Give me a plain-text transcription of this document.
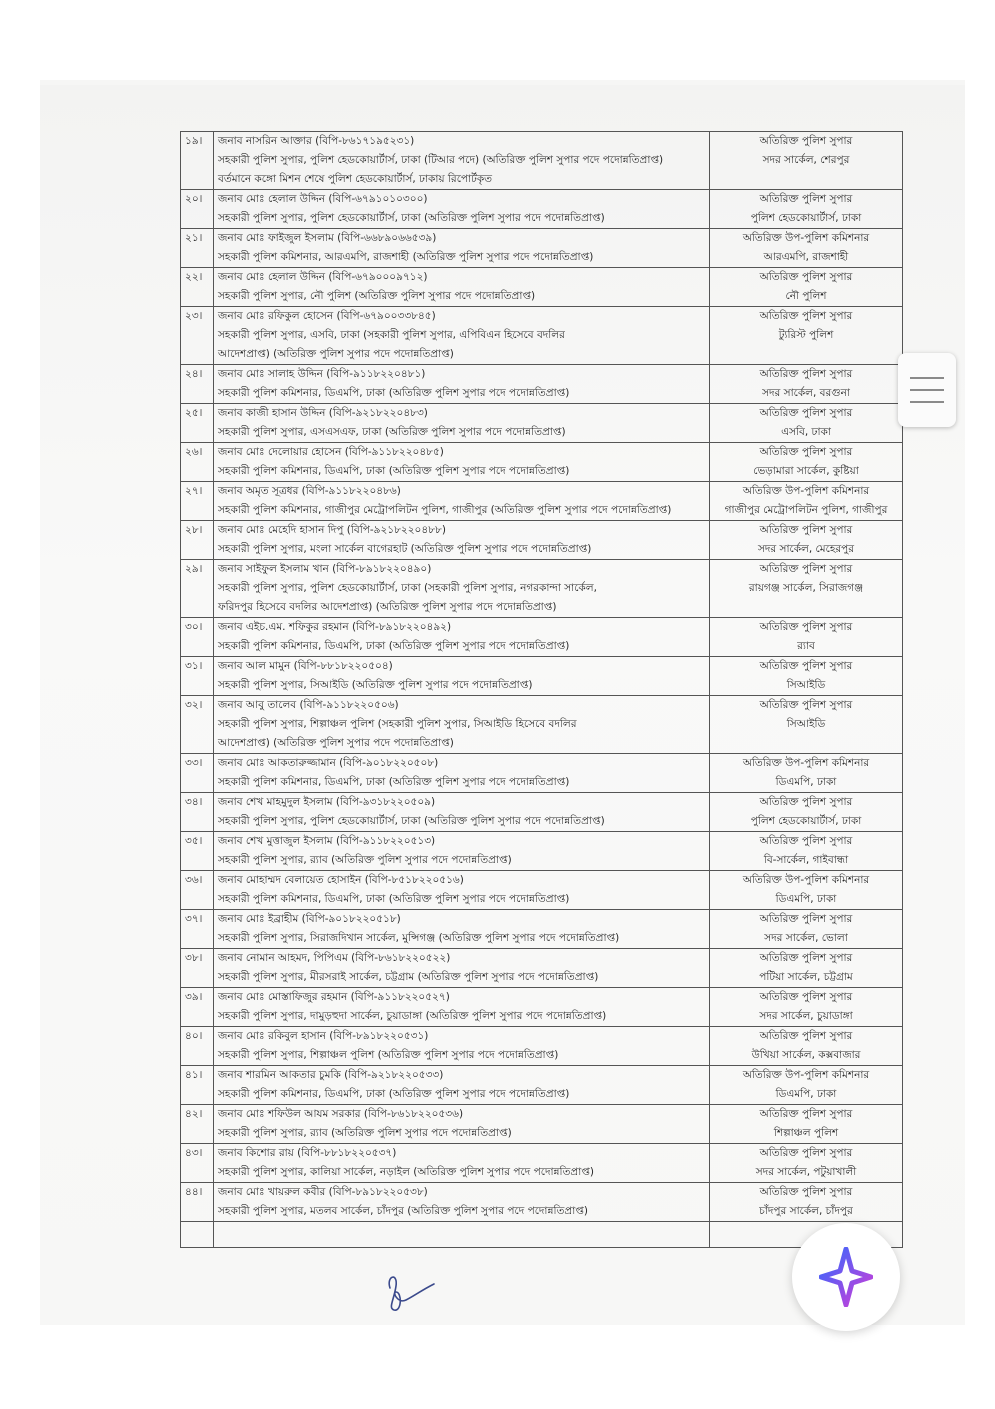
১৯।	জনাব নাসরিন আক্তার (বিপি-৮৬১৭১৯৫২৩১)
সহকারী পুলিশ সুপার, পুলিশ হেডকোয়ার্টার্স, ঢাকা (টিআর পদে) (অতিরিক্ত পুলিশ সুপার পদে পদোন্নতিপ্রাপ্ত)
বর্তমানে কঙ্গো মিশন শেষে পুলিশ হেডকোয়ার্টার্স, ঢাকায় রিপোর্টকৃত	অতিরিক্ত পুলিশ সুপার
সদর সার্কেল, শেরপুর

২০।	জনাব মোঃ হেলাল উদ্দিন (বিপি-৬৭৯১০১০৩০০)
সহকারী পুলিশ সুপার, পুলিশ হেডকোয়ার্টার্স, ঢাকা (অতিরিক্ত পুলিশ সুপার পদে পদোন্নতিপ্রাপ্ত)	অতিরিক্ত পুলিশ সুপার
পুলিশ হেডকোয়ার্টার্স, ঢাকা

২১।	জনাব মোঃ ফাইজুল ইসলাম (বিপি-৬৬৮৯০৬৬৫৩৯)
সহকারী পুলিশ কমিশনার, আরএমপি, রাজশাহী (অতিরিক্ত পুলিশ সুপার পদে পদোন্নতিপ্রাপ্ত)	অতিরিক্ত উপ-পুলিশ কমিশনার
আরএমপি, রাজশাহী

২২।	জনাব মোঃ হেলাল উদ্দিন (বিপি-৬৭৯০০০৯৭১২)
সহকারী পুলিশ সুপার, নৌ পুলিশ (অতিরিক্ত পুলিশ সুপার পদে পদোন্নতিপ্রাপ্ত)	অতিরিক্ত পুলিশ সুপার
নৌ পুলিশ

২৩।	জনাব মোঃ রফিকুল হোসেন (বিপি-৬৭৯০০৩৩৮৪৫)
সহকারী পুলিশ সুপার, এসবি, ঢাকা (সহকারী পুলিশ সুপার, এপিবিএন হিসেবে বদলির
আদেশপ্রাপ্ত) (অতিরিক্ত পুলিশ সুপার পদে পদোন্নতিপ্রাপ্ত)	অতিরিক্ত পুলিশ সুপার
ট্যুরিস্ট পুলিশ

২৪।	জনাব মোঃ সালাহ উদ্দিন (বিপি-৯১১৮২২০৪৮১)
সহকারী পুলিশ কমিশনার, ডিএমপি, ঢাকা (অতিরিক্ত পুলিশ সুপার পদে পদোন্নতিপ্রাপ্ত)	অতিরিক্ত পুলিশ সুপার
সদর সার্কেল, বরগুনা

২৫।	জনাব কাজী হাসান উদ্দিন (বিপি-৯২১৮২২০৪৮৩)
সহকারী পুলিশ সুপার, এসএসএফ, ঢাকা (অতিরিক্ত পুলিশ সুপার পদে পদোন্নতিপ্রাপ্ত)	অতিরিক্ত পুলিশ সুপার
এসবি, ঢাকা

২৬।	জনাব মোঃ দেলোয়ার হোসেন (বিপি-৯১১৮২২০৪৮৫)
সহকারী পুলিশ কমিশনার, ডিএমপি, ঢাকা (অতিরিক্ত পুলিশ সুপার পদে পদোন্নতিপ্রাপ্ত)	অতিরিক্ত পুলিশ সুপার
ভেড়ামারা সার্কেল, কুষ্টিয়া

২৭।	জনাব অমৃত সূত্রধর (বিপি-৯১১৮২২০৪৮৬)
সহকারী পুলিশ কমিশনার, গাজীপুর মেট্রোপলিটন পুলিশ, গাজীপুর (অতিরিক্ত পুলিশ সুপার পদে পদোন্নতিপ্রাপ্ত)	অতিরিক্ত উপ-পুলিশ কমিশনার
গাজীপুর মেট্রোপলিটন পুলিশ, গাজীপুর

২৮।	জনাব মোঃ মেহেদি হাসান দিপু (বিপি-৯২১৮২২০৪৮৮)
সহকারী পুলিশ সুপার, মংলা সার্কেল বাগেরহাট (অতিরিক্ত পুলিশ সুপার পদে পদোন্নতিপ্রাপ্ত)	অতিরিক্ত পুলিশ সুপার
সদর সার্কেল, মেহেরপুর

২৯।	জনাব সাইফুল ইসলাম খান (বিপি-৮৯১৮২২০৪৯০)
সহকারী পুলিশ সুপার, পুলিশ হেডকোয়ার্টার্স, ঢাকা (সহকারী পুলিশ সুপার, নগরকান্দা সার্কেল,
ফরিদপুর হিসেবে বদলির আদেশপ্রাপ্ত) (অতিরিক্ত পুলিশ সুপার পদে পদোন্নতিপ্রাপ্ত)	অতিরিক্ত পুলিশ সুপার
রায়গঞ্জ সার্কেল, সিরাজগঞ্জ

৩০।	জনাব এইচ.এম. শফিকুর রহমান (বিপি-৮৯১৮২২০৪৯২)
সহকারী পুলিশ কমিশনার, ডিএমপি, ঢাকা (অতিরিক্ত পুলিশ সুপার পদে পদোন্নতিপ্রাপ্ত)	অতিরিক্ত পুলিশ সুপার
র‍্যাব

৩১।	জনাব আল মামুন (বিপি-৮৮১৮২২০৫০৪)
সহকারী পুলিশ সুপার, সিআইডি (অতিরিক্ত পুলিশ সুপার পদে পদোন্নতিপ্রাপ্ত)	অতিরিক্ত পুলিশ সুপার
সিআইডি

৩২।	জনাব আবু তালেব (বিপি-৯১১৮২২০৫০৬)
সহকারী পুলিশ সুপার, শিল্পাঞ্চল পুলিশ (সহকারী পুলিশ সুপার, সিআইডি হিসেবে বদলির
আদেশপ্রাপ্ত) (অতিরিক্ত পুলিশ সুপার পদে পদোন্নতিপ্রাপ্ত)	অতিরিক্ত পুলিশ সুপার
সিআইডি

৩৩।	জনাব মোঃ আকতারুজ্জামান (বিপি-৯০১৮২২০৫০৮)
সহকারী পুলিশ কমিশনার, ডিএমপি, ঢাকা (অতিরিক্ত পুলিশ সুপার পদে পদোন্নতিপ্রাপ্ত)	অতিরিক্ত উপ-পুলিশ কমিশনার
ডিএমপি, ঢাকা

৩৪।	জনাব শেখ মাহমুদুল ইসলাম (বিপি-৯৩১৮২২০৫০৯)
সহকারী পুলিশ সুপার, পুলিশ হেডকোয়ার্টার্স, ঢাকা (অতিরিক্ত পুলিশ সুপার পদে পদোন্নতিপ্রাপ্ত)	অতিরিক্ত পুলিশ সুপার
পুলিশ হেডকোয়ার্টার্স, ঢাকা

৩৫।	জনাব শেখ মুত্তাজুল ইসলাম (বিপি-৯১১৮২২০৫১৩)
সহকারী পুলিশ সুপার, র‍্যাব (অতিরিক্ত পুলিশ সুপার পদে পদোন্নতিপ্রাপ্ত)	অতিরিক্ত পুলিশ সুপার
বি-সার্কেল, গাইবান্ধা

৩৬।	জনাব মোহাম্মদ বেলায়েত হোসাইন (বিপি-৮৫১৮২২০৫১৬)
সহকারী পুলিশ কমিশনার, ডিএমপি, ঢাকা (অতিরিক্ত পুলিশ সুপার পদে পদোন্নতিপ্রাপ্ত)	অতিরিক্ত উপ-পুলিশ কমিশনার
ডিএমপি, ঢাকা

৩৭।	জনাব মোঃ ইব্রাহীম (বিপি-৯০১৮২২০৫১৮)
সহকারী পুলিশ সুপার, সিরাজদিখান সার্কেল, মুন্সিগঞ্জ (অতিরিক্ত পুলিশ সুপার পদে পদোন্নতিপ্রাপ্ত)	অতিরিক্ত পুলিশ সুপার
সদর সার্কেল, ভোলা

৩৮।	জনাব নোমান আহমদ, পিপিএম (বিপি-৮৬১৮২২০৫২২)
সহকারী পুলিশ সুপার, মীরসরাই সার্কেল, চট্টগ্রাম (অতিরিক্ত পুলিশ সুপার পদে পদোন্নতিপ্রাপ্ত)	অতিরিক্ত পুলিশ সুপার
পটিয়া সার্কেল, চট্টগ্রাম

৩৯।	জনাব মোঃ মোস্তাফিজুর রহমান (বিপি-৯১১৮২২০৫২৭)
সহকারী পুলিশ সুপার, দামুড়হুদা সার্কেল, চুয়াডাঙ্গা (অতিরিক্ত পুলিশ সুপার পদে পদোন্নতিপ্রাপ্ত)	অতিরিক্ত পুলিশ সুপার
সদর সার্কেল, চুয়াডাঙ্গা

৪০।	জনাব মোঃ রকিবুল হাসান (বিপি-৮৯১৮২২০৫৩১)
সহকারী পুলিশ সুপার, শিল্পাঞ্চল পুলিশ (অতিরিক্ত পুলিশ সুপার পদে পদোন্নতিপ্রাপ্ত)	অতিরিক্ত পুলিশ সুপার
উখিয়া সার্কেল, কক্সবাজার

৪১।	জনাব শারমিন আকতার চুমকি (বিপি-৯২১৮২২০৫৩৩)
সহকারী পুলিশ কমিশনার, ডিএমপি, ঢাকা (অতিরিক্ত পুলিশ সুপার পদে পদোন্নতিপ্রাপ্ত)	অতিরিক্ত উপ-পুলিশ কমিশনার
ডিএমপি, ঢাকা

৪২।	জনাব মোঃ শফিউল আযম সরকার (বিপি-৮৬১৮২২০৫৩৬)
সহকারী পুলিশ সুপার, র‍্যাব (অতিরিক্ত পুলিশ সুপার পদে পদোন্নতিপ্রাপ্ত)	অতিরিক্ত পুলিশ সুপার
শিল্পাঞ্চল পুলিশ

৪৩।	জনাব কিশোর রায় (বিপি-৮৮১৮২২০৫৩৭)
সহকারী পুলিশ সুপার, কালিয়া সার্কেল, নড়াইল (অতিরিক্ত পুলিশ সুপার পদে পদোন্নতিপ্রাপ্ত)	অতিরিক্ত পুলিশ সুপার
সদর সার্কেল, পটুয়াখালী

৪৪।	জনাব মোঃ খায়রুল কবীর (বিপি-৮৯১৮২২০৫৩৮)
সহকারী পুলিশ সুপার, মতলব সার্কেল, চাঁদপুর (অতিরিক্ত পুলিশ সুপার পদে পদোন্নতিপ্রাপ্ত)	অতিরিক্ত পুলিশ সুপার
চাঁদপুর সার্কেল, চাঁদপুর
